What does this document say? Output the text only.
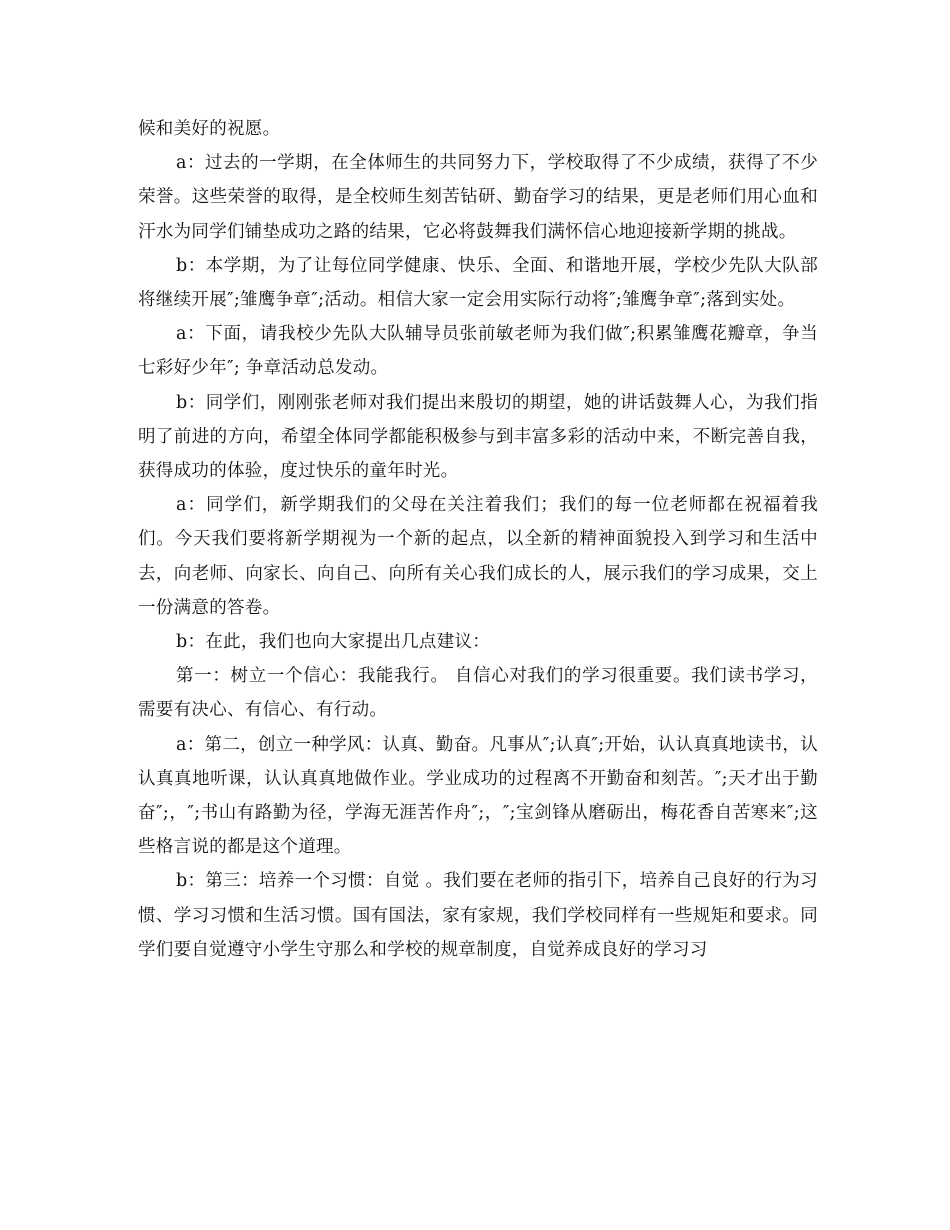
候和美好的祝愿。

a：过去的一学期，在全体师生的共同努力下，学校取得了不少成绩，获得了不少荣誉。这些荣誉的取得，是全校师生刻苦钻研、勤奋学习的结果，更是老师们用心血和汗水为同学们铺垫成功之路的结果，它必将鼓舞我们满怀信心地迎接新学期的挑战。

b：本学期，为了让每位同学健康、快乐、全面、和谐地开展，学校少先队大队部将继续开展″;雏鹰争章″;活动。相信大家一定会用实际行动将″;雏鹰争章″;落到实处。

a：下面，请我校少先队大队辅导员张前敏老师为我们做″;积累雏鹰花瓣章，争当七彩好少年″; 争章活动总发动。

b：同学们，刚刚张老师对我们提出来殷切的期望，她的讲话鼓舞人心，为我们指明了前进的方向，希望全体同学都能积极参与到丰富多彩的活动中来，不断完善自我，获得成功的体验，度过快乐的童年时光。

a：同学们，新学期我们的父母在关注着我们；我们的每一位老师都在祝福着我们。今天我们要将新学期视为一个新的起点，以全新的精神面貌投入到学习和生活中去，向老师、向家长、向自己、向所有关心我们成长的人，展示我们的学习成果，交上一份满意的答卷。

b：在此，我们也向大家提出几点建议：

第一：树立一个信心：我能我行。 自信心对我们的学习很重要。我们读书学习，需要有决心、有信心、有行动。

a：第二，创立一种学风：认真、勤奋。凡事从″;认真″;开始，认认真真地读书，认认真真地听课，认认真真地做作业。学业成功的过程离不开勤奋和刻苦。″;天才出于勤奋″;，″;书山有路勤为径，学海无涯苦作舟″;，″;宝剑锋从磨砺出，梅花香自苦寒来″;这些格言说的都是这个道理。

b：第三：培养一个习惯：自觉 。我们要在老师的指引下，培养自己良好的行为习惯、学习习惯和生活习惯。国有国法，家有家规，我们学校同样有一些规矩和要求。同学们要自觉遵守小学生守那么和学校的规章制度，自觉养成良好的学习习
